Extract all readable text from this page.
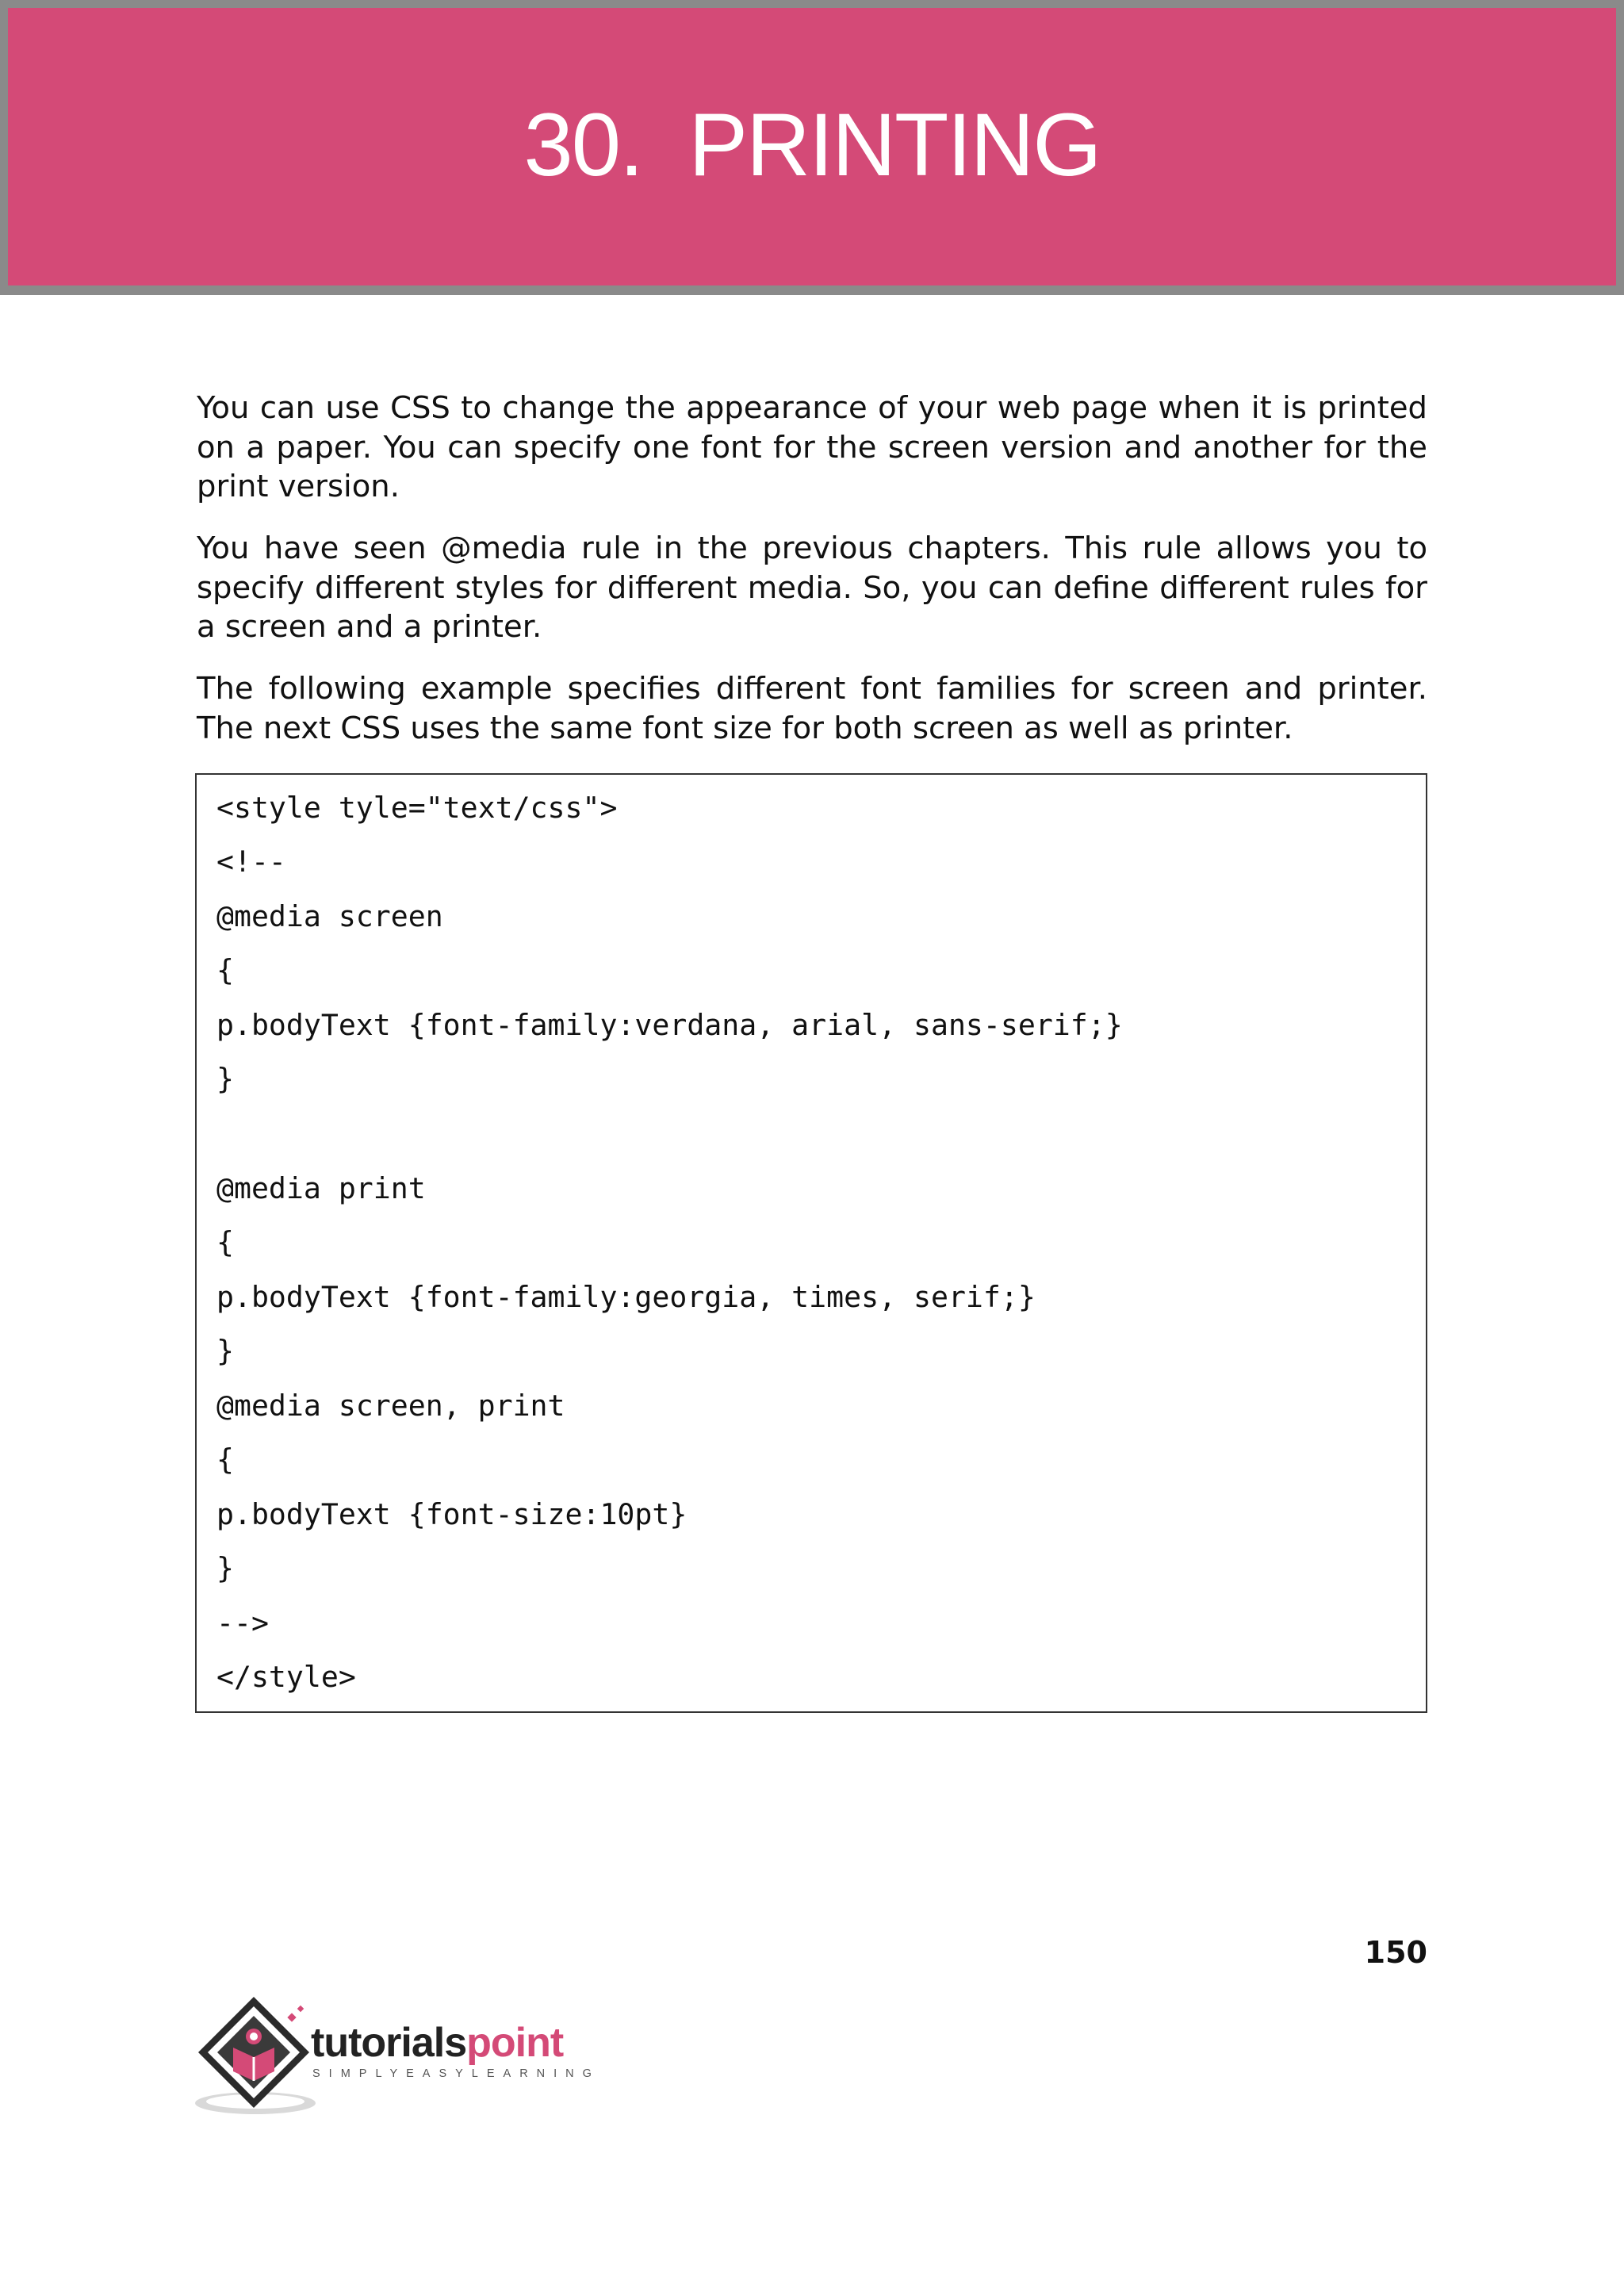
30.  PRINTING

You can use CSS to change the appearance of your web page when it is printed on a paper. You can specify one font for the screen version and another for the print version.

You have seen @media rule in the previous chapters. This rule allows you to specify different styles for different media. So, you can define different rules for a screen and a printer.

The following example specifies different font families for screen and printer. The next CSS uses the same font size for both screen as well as printer.

<style tyle="text/css">
<!--
@media screen
{
p.bodyText {font-family:verdana, arial, sans-serif;}
}
@media print
{
p.bodyText {font-family:georgia, times, serif;}
}
@media screen, print
{
p.bodyText {font-size:10pt}
}
-->
</style>
150
tutorialspoint
SIMPLYEASYLEARNING
